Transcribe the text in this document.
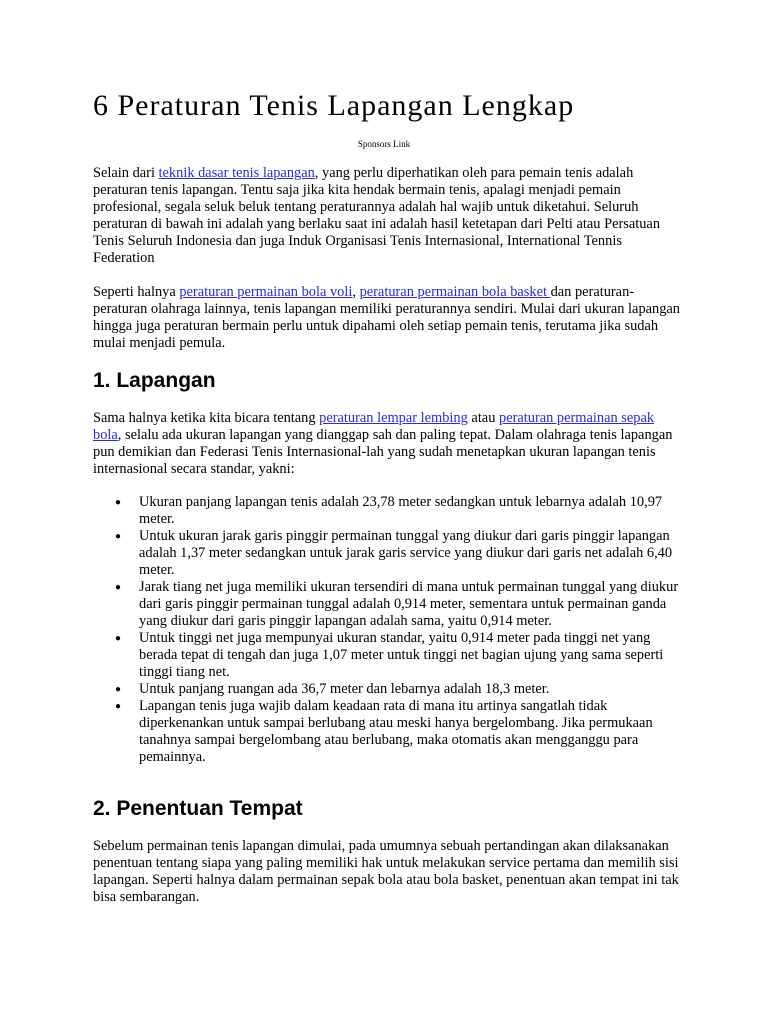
6 Peraturan Tenis Lapangan Lengkap
Sponsors Link

Selain dari teknik dasar tenis lapangan, yang perlu diperhatikan oleh para pemain tenis adalah peraturan tenis lapangan. Tentu saja jika kita hendak bermain tenis, apalagi menjadi pemain profesional, segala seluk beluk tentang peraturannya adalah hal wajib untuk diketahui. Seluruh peraturan di bawah ini adalah yang berlaku saat ini adalah hasil ketetapan dari Pelti atau Persatuan Tenis Seluruh Indonesia dan juga Induk Organisasi Tenis Internasional, International Tennis Federation

Seperti halnya peraturan permainan bola voli, peraturan permainan bola basket dan peraturan-peraturan olahraga lainnya, tenis lapangan memiliki peraturannya sendiri. Mulai dari ukuran lapangan hingga juga peraturan bermain perlu untuk dipahami oleh setiap pemain tenis, terutama jika sudah mulai menjadi pemula.

1. Lapangan

Sama halnya ketika kita bicara tentang peraturan lempar lembing atau peraturan permainan sepak bola, selalu ada ukuran lapangan yang dianggap sah dan paling tepat. Dalam olahraga tenis lapangan pun demikian dan Federasi Tenis Internasional-lah yang sudah menetapkan ukuran lapangan tenis internasional secara standar, yakni:

● Ukuran panjang lapangan tenis adalah 23,78 meter sedangkan untuk lebarnya adalah 10,97 meter.
● Untuk ukuran jarak garis pinggir permainan tunggal yang diukur dari garis pinggir lapangan adalah 1,37 meter sedangkan untuk jarak garis service yang diukur dari garis net adalah 6,40 meter.
● Jarak tiang net juga memiliki ukuran tersendiri di mana untuk permainan tunggal yang diukur dari garis pinggir permainan tunggal adalah 0,914 meter, sementara untuk permainan ganda yang diukur dari garis pinggir lapangan adalah sama, yaitu 0,914 meter.
● Untuk tinggi net juga mempunyai ukuran standar, yaitu 0,914 meter pada tinggi net yang berada tepat di tengah dan juga 1,07 meter untuk tinggi net bagian ujung yang sama seperti tinggi tiang net.
● Untuk panjang ruangan ada 36,7 meter dan lebarnya adalah 18,3 meter.
● Lapangan tenis juga wajib dalam keadaan rata di mana itu artinya sangatlah tidak diperkenankan untuk sampai berlubang atau meski hanya bergelombang. Jika permukaan tanahnya sampai bergelombang atau berlubang, maka otomatis akan mengganggu para pemainnya.
2. Penentuan Tempat

Sebelum permainan tenis lapangan dimulai, pada umumnya sebuah pertandingan akan dilaksanakan penentuan tentang siapa yang paling memiliki hak untuk melakukan service pertama dan memilih sisi lapangan. Seperti halnya dalam permainan sepak bola atau bola basket, penentuan akan tempat ini tak bisa sembarangan.
